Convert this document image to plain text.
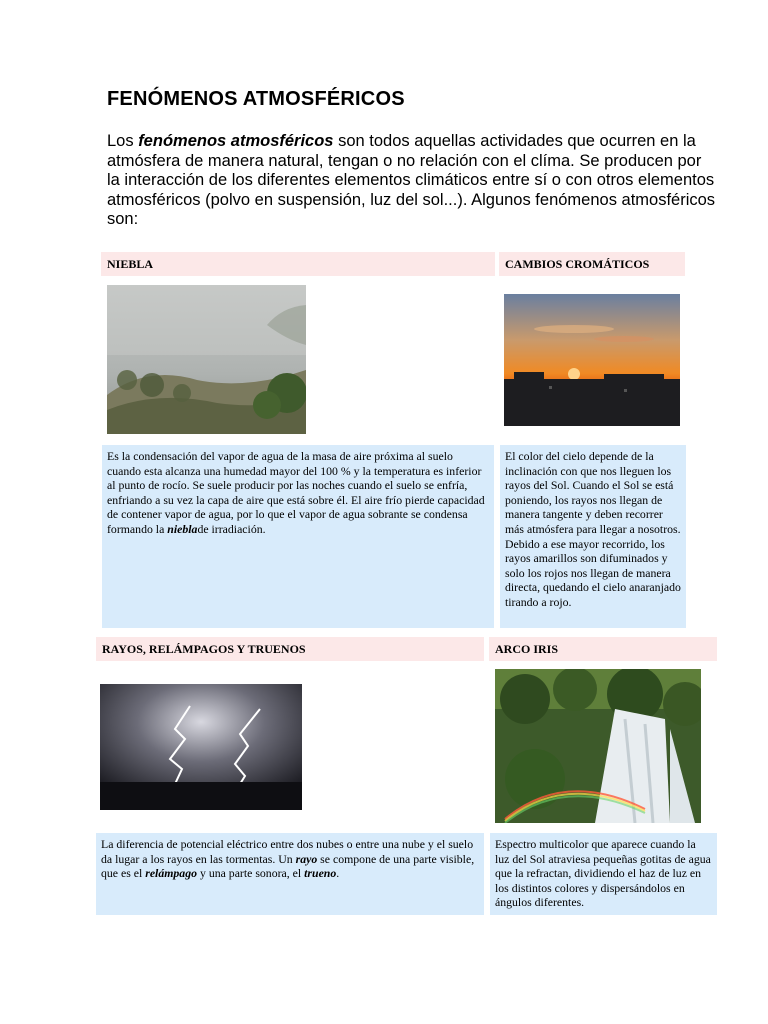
FENÓMENOS ATMOSFÉRICOS

Los fenómenos atmosféricos son todos aquellas actividades que ocurren en la atmósfera de manera natural, tengan o no relación con el clíma. Se producen por la interacción de los diferentes elementos climáticos entre sí o con otros elementos atmosféricos (polvo en suspensión, luz del sol...). Algunos fenómenos atmosféricos son:

NIEBLA

Es la condensación del vapor de agua de la masa de aire próxima al suelo cuando esta alcanza una humedad mayor del 100 % y la temperatura es inferior al punto de rocío. Se suele producir por las noches cuando el suelo se enfría, enfriando a su vez la capa de aire que está sobre él. El aire frío pierde capacidad de contener vapor de agua, por lo que el vapor de agua sobrante se condensa formando la nieblade irradiación.

CAMBIOS CROMÁTICOS
El color del cielo depende de la inclinación con que nos lleguen los rayos del Sol. Cuando el Sol se está poniendo, los rayos nos llegan de manera tangente y deben recorrer más atmósfera para llegar a nosotros. Debido a ese mayor recorrido, los rayos amarillos son difuminados y solo los rojos nos llegan de manera directa, quedando el cielo anaranjado tirando a rojo.
RAYOS, RELÁMPAGOS Y TRUENOS

La diferencia de potencial eléctrico entre dos nubes o entre una nube y el suelo da lugar a los rayos en las tormentas. Un rayo se compone de una parte visible, que es el relámpago y una parte sonora, el trueno.

ARCO IRIS
Espectro multicolor que aparece cuando la luz del Sol atraviesa pequeñas gotitas de agua que la refractan, dividiendo el haz de luz en los distintos colores y dispersándolos en ángulos diferentes.
